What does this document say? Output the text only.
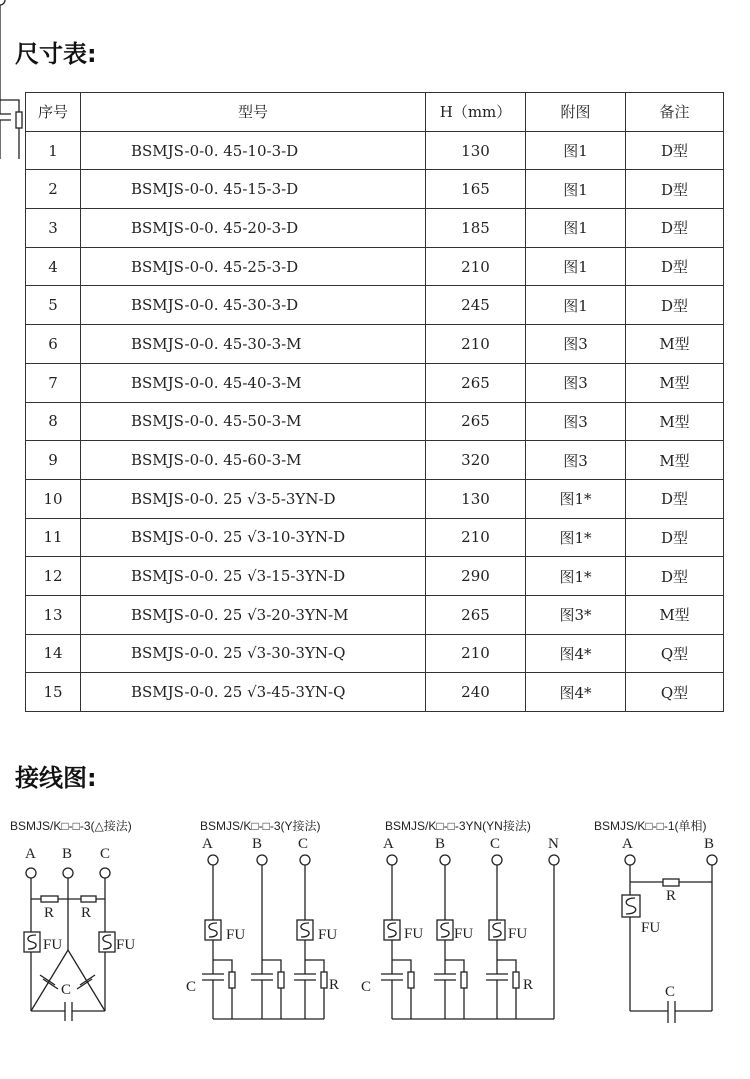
尺寸表:
序号	型号	H（mm）	附图	备注
1	BSMJS-0-0. 45-10-3-D	130	图1	D型
2	BSMJS-0-0. 45-15-3-D	165	图1	D型
3	BSMJS-0-0. 45-20-3-D	185	图1	D型
4	BSMJS-0-0. 45-25-3-D	210	图1	D型
5	BSMJS-0-0. 45-30-3-D	245	图1	D型
6	BSMJS-0-0. 45-30-3-M	210	图3	M型
7	BSMJS-0-0. 45-40-3-M	265	图3	M型
8	BSMJS-0-0. 45-50-3-M	265	图3	M型
9	BSMJS-0-0. 45-60-3-M	320	图3	M型
10	BSMJS-0-0. 25 √3-5-3YN-D	130	图1*	D型
11	BSMJS-0-0. 25 √3-10-3YN-D	210	图1*	D型
12	BSMJS-0-0. 25 √3-15-3YN-D	290	图1*	D型
13	BSMJS-0-0. 25 √3-20-3YN-M	265	图3*	M型
14	BSMJS-0-0. 25 √3-30-3YN-Q	210	图4*	Q型
15	BSMJS-0-0. 25 √3-45-3YN-Q	240	图4*	Q型
接线图:
BSMJS/K□-□-3(△接法)
A B C
R R
FU	FU
C
BSMJS/K□-□-3(Y接法)
A	B C
C	R
FU	FU
BSMJS/K□-□-3YN(YN接法)
A	B	C	N
C	R
FU FU FU
BSMJS/K□-□-1(单相)
A	B
R
FU
C
